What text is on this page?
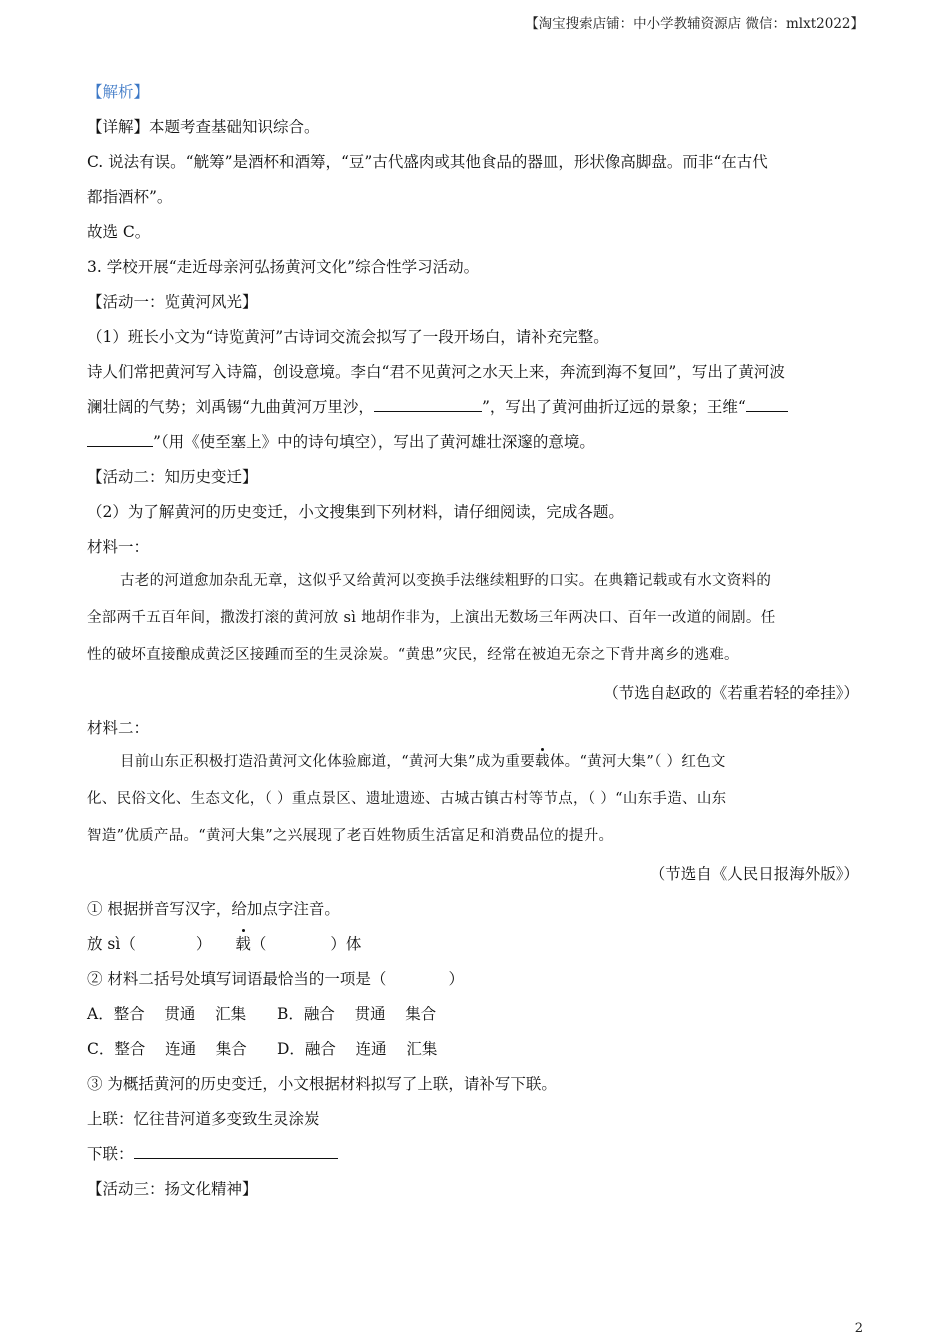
【淘宝搜索店铺：中小学教辅资源店 微信：mlxt2022】
【解析】
【详解】本题考查基础知识综合。
C. 说法有误。“觥筹”是酒杯和酒筹，“豆”古代盛肉或其他食品的器皿，形状像高脚盘。而非“在古代
都指酒杯”。
故选 C。
3. 学校开展“走近母亲河弘扬黄河文化”综合性学习活动。
【活动一：览黄河风光】
（1）班长小文为“诗览黄河”古诗词交流会拟写了一段开场白，请补充完整。
诗人们常把黄河写入诗篇，创设意境。李白“君不见黄河之水天上来，奔流到海不复回”，写出了黄河波
澜壮阔的气势；刘禹锡“九曲黄河万里沙，	”，写出了黄河曲折辽远的景象；王维“
”（用《使至塞上》中的诗句填空），写出了黄河雄壮深邃的意境。
【活动二：知历史变迁】
（2）为了解黄河的历史变迁，小文搜集到下列材料，请仔细阅读，完成各题。
材料一：
古老的河道愈加杂乱无章，这似乎又给黄河以变换手法继续粗野的口实。在典籍记载或有水文资料的
全部两千五百年间，撒泼打滚的黄河放 sì 地胡作非为，上演出无数场三年两决口、百年一改道的闹剧。任
性的破坏直接酿成黄泛区接踵而至的生灵涂炭。“黄患”灾民，经常在被迫无奈之下背井离乡的逃难。
（节选自赵政的《若重若轻的牵挂》）
材料二：
目前山东正积极打造沿黄河文化体验廊道，“黄河大集”成为重要载体。“黄河大集”（ ）红色文
化、民俗文化、生态文化，（ ）重点景区、遗址遗迹、古城古镇古村等节点，（ ）“山东手造、山东
智造”优质产品。“黄河大集”之兴展现了老百姓物质生活富足和消费品位的提升。
（节选自《人民日报海外版》）
① 根据拼音写汉字，给加点字注音。
放 sì（	） 载（	）体
② 材料二括号处填写词语最恰当的一项是（	）
A．整合    贯通    汇集 B．融合    贯通    集合
C．整合    连通    集合 D．融合    连通    汇集
③ 为概括黄河的历史变迁，小文根据材料拟写了上联，请补写下联。
上联：忆往昔河道多变致生灵涂炭
下联：
【活动三：扬文化精神】
2
